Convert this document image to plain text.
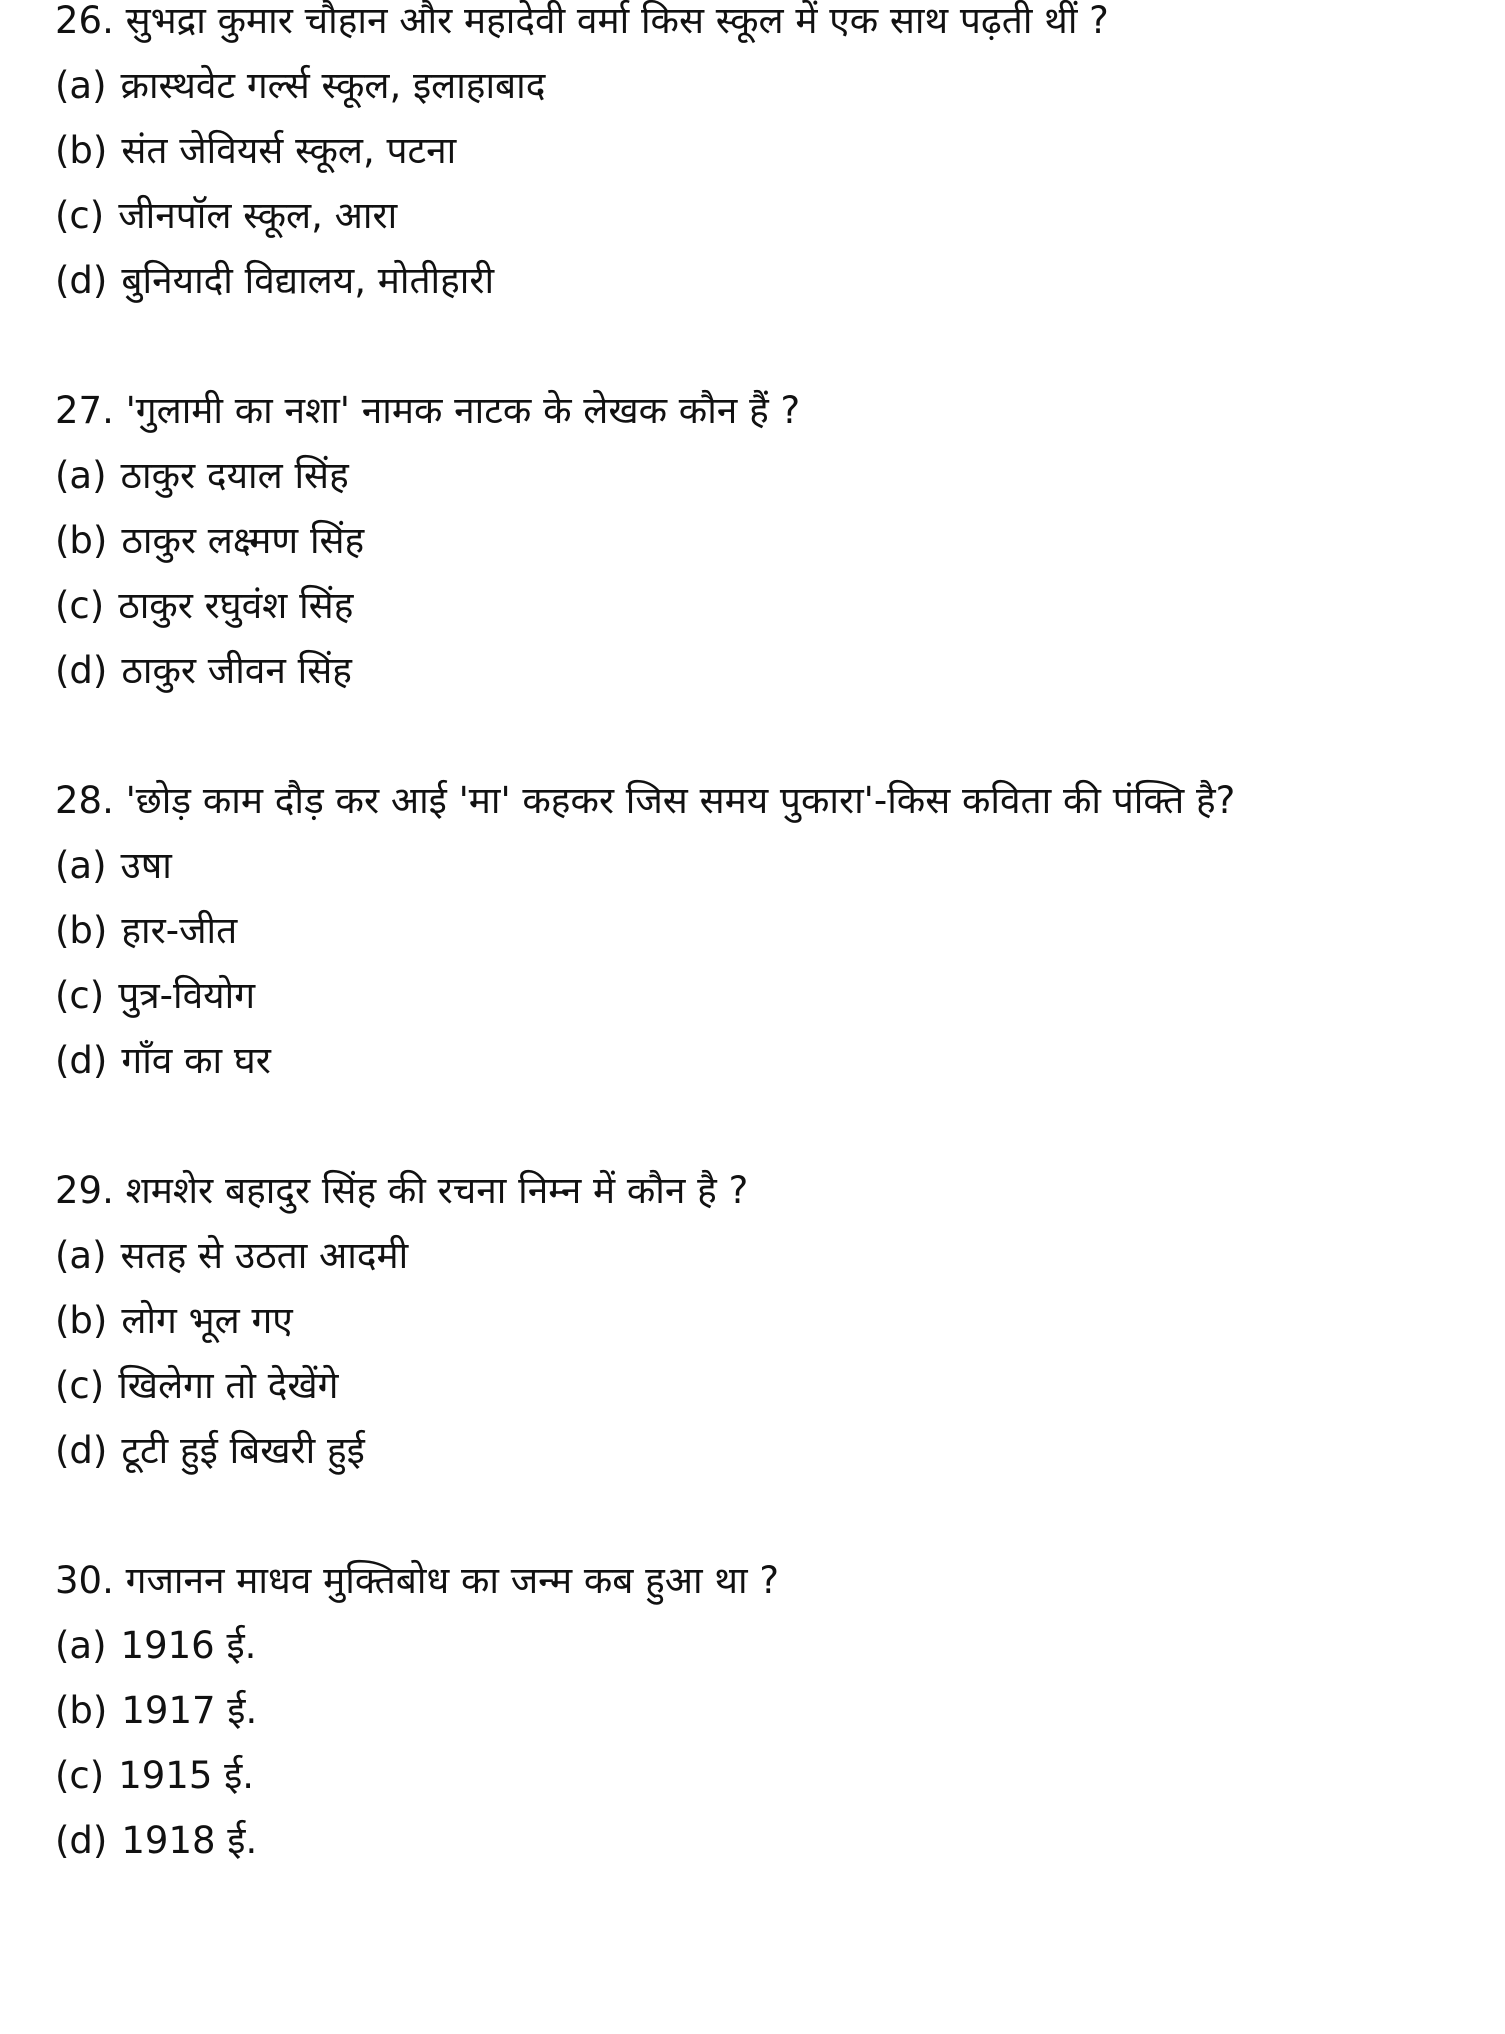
26. सुभद्रा कुमार चौहान और महादेवी वर्मा किस स्कूल में एक साथ पढ़ती थीं ?
(a) क्रास्थवेट गर्ल्स स्कूल, इलाहाबाद
(b) संत जेवियर्स स्कूल, पटना
(c) जीनपॉल स्कूल, आरा
(d) बुनियादी विद्यालय, मोतीहारी
27. 'गुलामी का नशा' नामक नाटक के लेखक कौन हैं ?
(a) ठाकुर दयाल सिंह
(b) ठाकुर लक्ष्मण सिंह
(c) ठाकुर रघुवंश सिंह
(d) ठाकुर जीवन सिंह
28. 'छोड़ काम दौड़ कर आई 'मा' कहकर जिस समय पुकारा'-किस कविता की पंक्ति है?
(a) उषा
(b) हार-जीत
(c) पुत्र-वियोग
(d) गाँव का घर
29. शमशेर बहादुर सिंह की रचना निम्न में कौन है ?
(a) सतह से उठता आदमी
(b) लोग भूल गए
(c) खिलेगा तो देखेंगे
(d) टूटी हुई बिखरी हुई
30. गजानन माधव मुक्तिबोध का जन्म कब हुआ था ?
(a) 1916 ई.
(b) 1917 ई.
(c) 1915 ई.
(d) 1918 ई.
